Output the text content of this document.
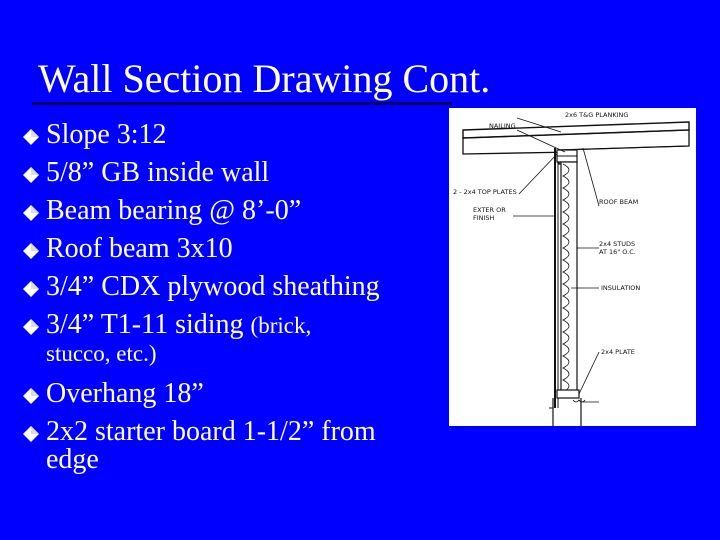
Wall Section Drawing Cont.
Slope 3:12
5/8” GB inside wall
Beam bearing @ 8’-0”
Roof beam 3x10
3/4” CDX plywood sheathing
3/4” T1-11 siding (brick,
stucco, etc.)
Overhang 18”
2x2 starter board 1-1/2” from
edge
2x6 T&G PLANKING
NAILING
2 - 2x4 TOP PLATES
ROOF BEAM
EXTER OR
FINISH
2x4 STUDS
AT 16" O.C.
INSULATION
2x4 PLATE
